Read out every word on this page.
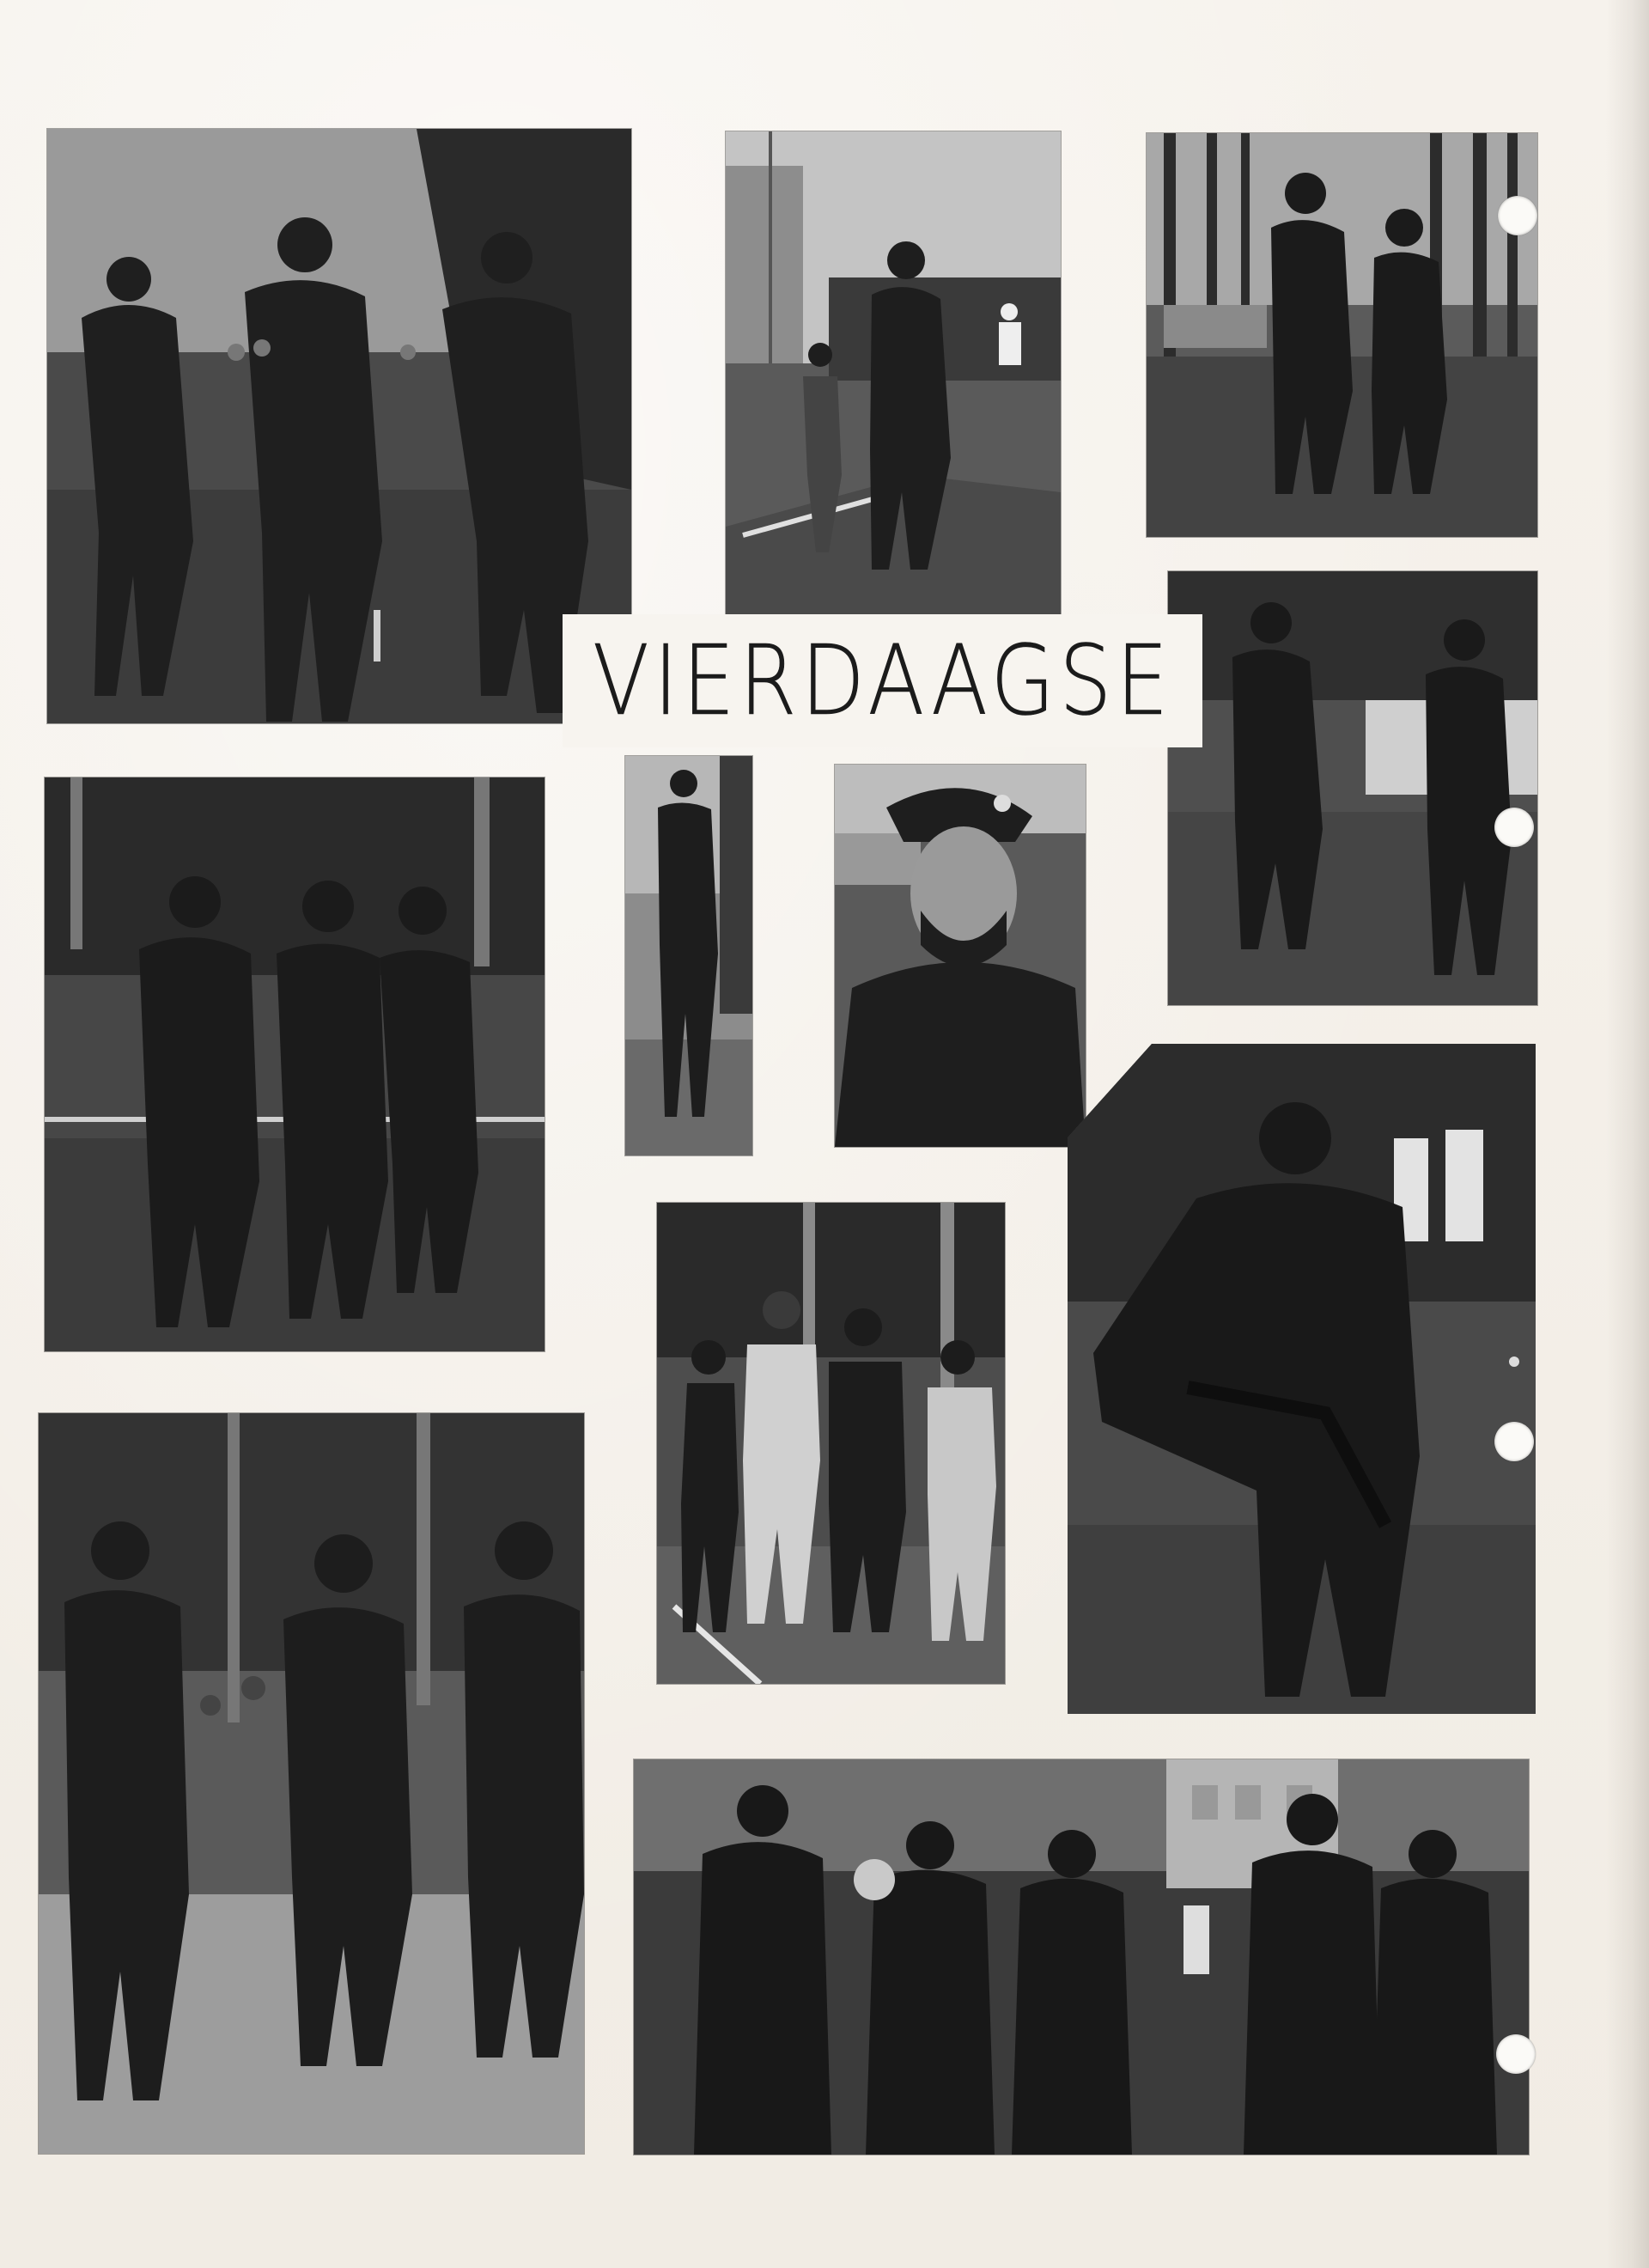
VIERDAAGSE
